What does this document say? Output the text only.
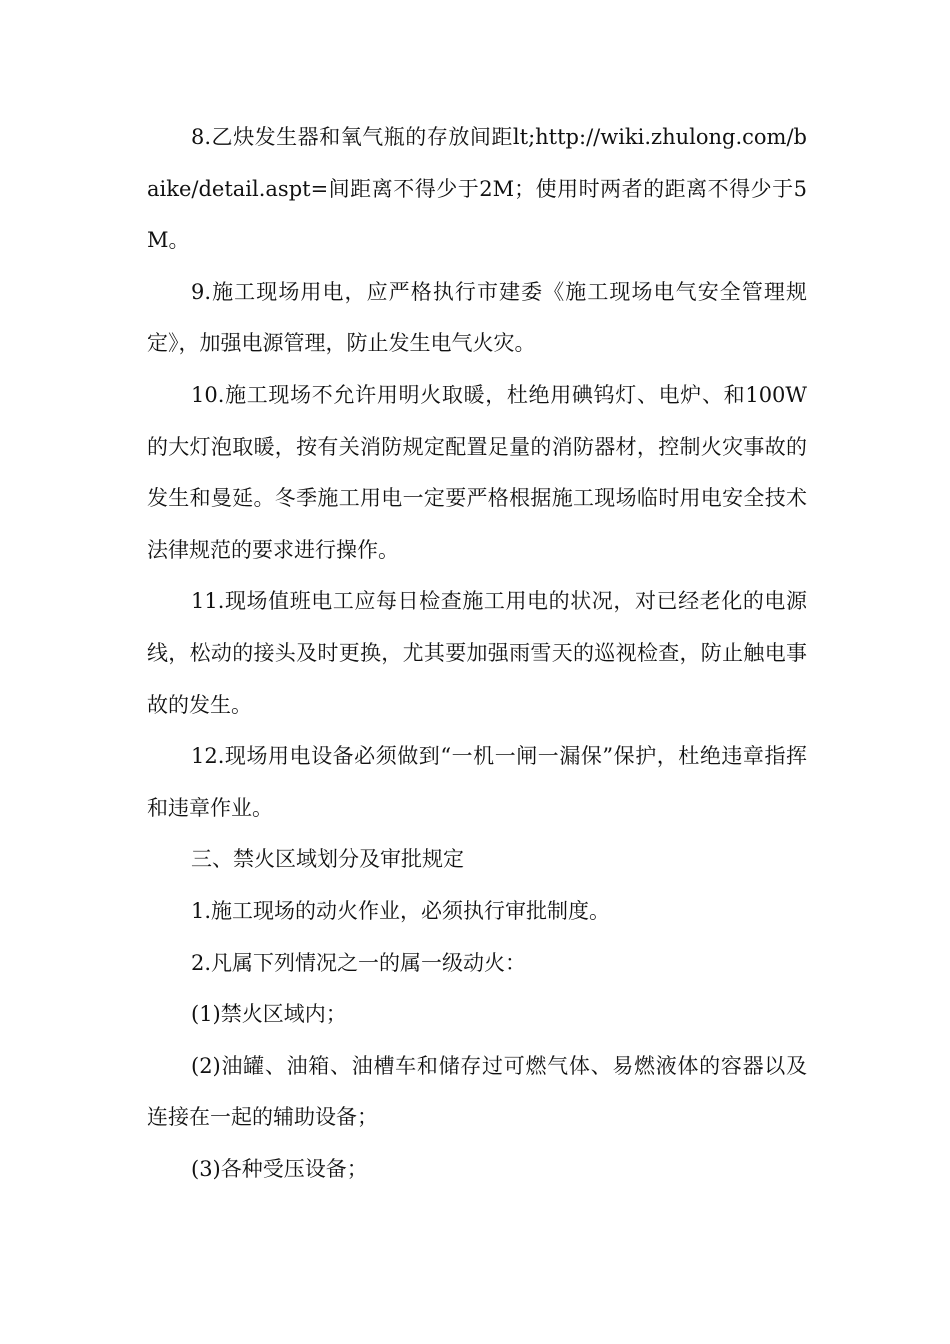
8.乙炔发生器和氧气瓶的存放间距lt;http://wiki.zhulong.com/baike/detail.aspt=间距离不得少于2M；使用时两者的距离不得少于5M。

9.施工现场用电，应严格执行市建委《施工现场电气安全管理规定》，加强电源管理，防止发生电气火灾。

10.施工现场不允许用明火取暖，杜绝用碘钨灯、电炉、和100W的大灯泡取暖，按有关消防规定配置足量的消防器材，控制火灾事故的发生和曼延。冬季施工用电一定要严格根据施工现场临时用电安全技术法律规范的要求进行操作。

11.现场值班电工应每日检查施工用电的状况，对已经老化的电源线，松动的接头及时更换，尤其要加强雨雪天的巡视检查，防止触电事故的发生。

12.现场用电设备必须做到“一机一闸一漏保”保护，杜绝违章指挥和违章作业。

三、禁火区域划分及审批规定

1.施工现场的动火作业，必须执行审批制度。

2.凡属下列情况之一的属一级动火：

(1)禁火区域内；

(2)油罐、油箱、油槽车和储存过可燃气体、易燃液体的容器以及连接在一起的辅助设备；

(3)各种受压设备；
